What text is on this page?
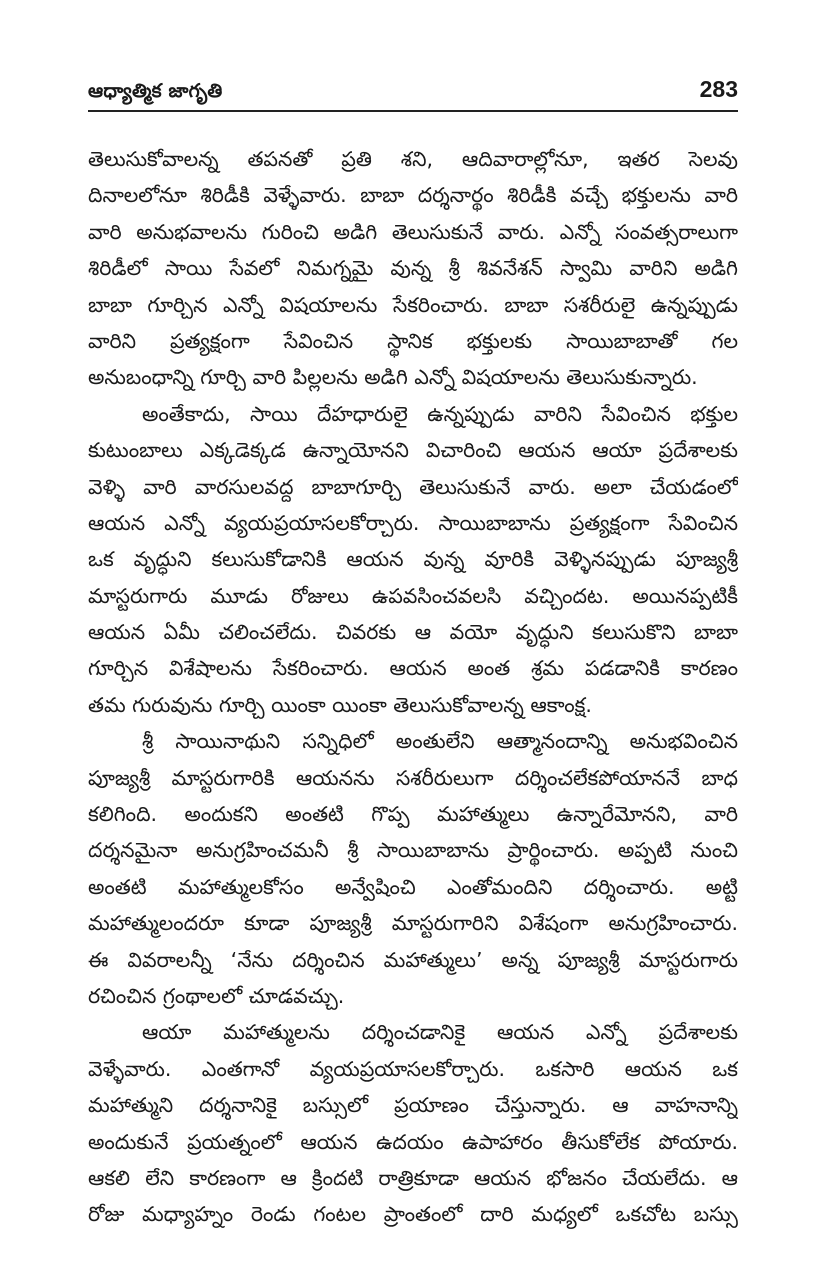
ఆధ్యాత్మిక జాగృతి	283
తెలుసుకోవాలన్న తపనతో ప్రతి శని, ఆదివారాల్లోనూ, ఇతర సెలవు
దినాలలోనూ శిరిడీకి వెళ్ళేవారు. బాబా దర్శనార్థం శిరిడీకి వచ్చే భక్తులను వారి
వారి అనుభవాలను గురించి అడిగి తెలుసుకునే వారు. ఎన్నో సంవత్సరాలుగా
శిరిడీలో సాయి సేవలో నిమగ్నమై వున్న శ్రీ శివనేశన్ స్వామి వారిని అడిగి
బాబా గూర్చిన ఎన్నో విషయాలను సేకరించారు. బాబా సశరీరులై ఉన్నప్పుడు
వారిని ప్రత్యక్షంగా సేవించిన స్థానిక భక్తులకు సాయిబాబాతో గల
అనుబంధాన్ని గూర్చి వారి పిల్లలను అడిగి ఎన్నో విషయాలను తెలుసుకున్నారు.
అంతేకాదు, సాయి దేహధారులై ఉన్నప్పుడు వారిని సేవించిన భక్తుల
కుటుంబాలు ఎక్కడెక్కడ ఉన్నాయోనని విచారించి ఆయన ఆయా ప్రదేశాలకు
వెళ్ళి వారి వారసులవద్ద బాబాగూర్చి తెలుసుకునే వారు. అలా చేయడంలో
ఆయన ఎన్నో వ్యయప్రయాసలకోర్చారు. సాయిబాబాను ప్రత్యక్షంగా సేవించిన
ఒక వృద్ధుని కలుసుకోడానికి ఆయన వున్న వూరికి వెళ్ళినప్పుడు పూజ్యశ్రీ
మాస్టరుగారు మూడు రోజులు ఉపవసించవలసి వచ్చిందట. అయినప్పటికీ
ఆయన ఏమీ చలించలేదు. చివరకు ఆ వయో వృద్ధుని కలుసుకొని బాబా
గూర్చిన విశేషాలను సేకరించారు. ఆయన అంత శ్రమ పడడానికి కారణం
తమ గురువును గూర్చి యింకా యింకా తెలుసుకోవాలన్న ఆకాంక్ష.
శ్రీ సాయినాథుని సన్నిధిలో అంతులేని ఆత్మానందాన్ని అనుభవించిన
పూజ్యశ్రీ మాస్టరుగారికి ఆయనను సశరీరులుగా దర్శించలేకపోయాననే బాధ
కలిగింది. అందుకని అంతటి గొప్ప మహాత్ములు ఉన్నారేమోనని, వారి
దర్శనమైనా అనుగ్రహించమనీ శ్రీ సాయిబాబాను ప్రార్థించారు. అప్పటి నుంచి
అంతటి మహాత్ములకోసం అన్వేషించి ఎంతోమందిని దర్శించారు. అట్టి
మహాత్ములందరూ కూడా పూజ్యశ్రీ మాస్టరుగారిని విశేషంగా అనుగ్రహించారు.
ఈ వివరాలన్నీ ‘నేను దర్శించిన మహాత్ములు’ అన్న పూజ్యశ్రీ మాస్టరుగారు
రచించిన గ్రంథాలలో చూడవచ్చు.
ఆయా మహాత్ములను దర్శించడానికై ఆయన ఎన్నో ప్రదేశాలకు
వెళ్ళేవారు. ఎంతగానో వ్యయప్రయాసలకోర్చారు. ఒకసారి ఆయన ఒక
మహాత్ముని దర్శనానికై బస్సులో ప్రయాణం చేస్తున్నారు. ఆ వాహనాన్ని
అందుకునే ప్రయత్నంలో ఆయన ఉదయం ఉపాహారం తీసుకోలేక పోయారు.
ఆకలి లేని కారణంగా ఆ క్రిందటి రాత్రికూడా ఆయన భోజనం చేయలేదు. ఆ
రోజు మధ్యాహ్నం రెండు గంటల ప్రాంతంలో దారి మధ్యలో ఒకచోట బస్సు
